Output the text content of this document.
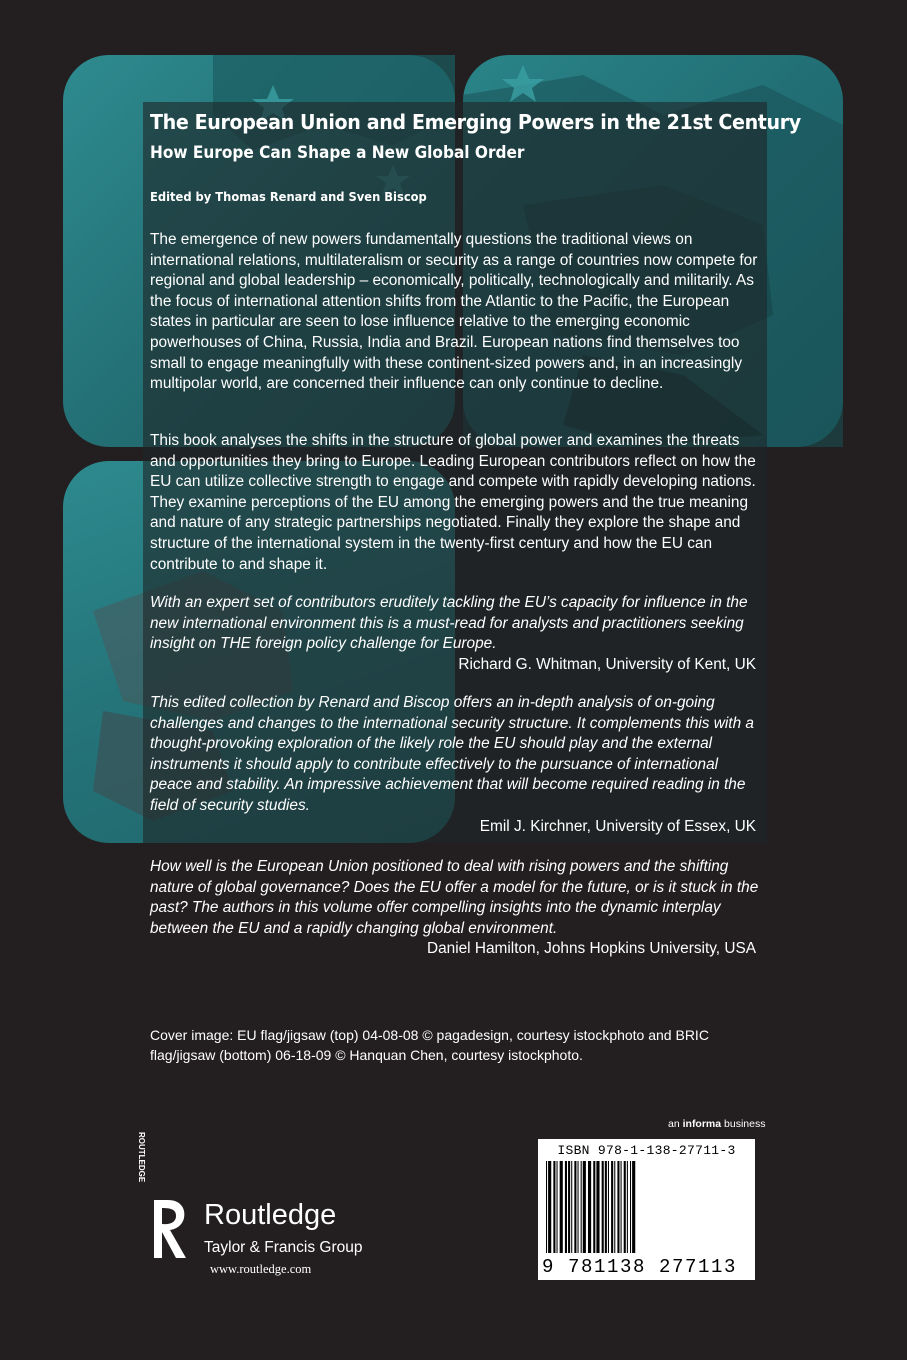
The European Union and Emerging Powers in the 21st Century
How Europe Can Shape a New Global Order
Edited by Thomas Renard and Sven Biscop
The emergence of new powers fundamentally questions the traditional views on international relations, multilateralism or security as a range of countries now compete for regional and global leadership – economically, politically, technologically and militarily. As the focus of international attention shifts from the Atlantic to the Pacific, the European states in particular are seen to lose influence relative to the emerging economic powerhouses of China, Russia, India and Brazil. European nations find themselves too small to engage meaningfully with these continent-sized powers and, in an increasingly multipolar world, are concerned their influence can only continue to decline.
This book analyses the shifts in the structure of global power and examines the threats and opportunities they bring to Europe. Leading European contributors reflect on how the EU can utilize collective strength to engage and compete with rapidly developing nations. They examine perceptions of the EU among the emerging powers and the true meaning and nature of any strategic partnerships negotiated. Finally they explore the shape and structure of the international system in the twenty-first century and how the EU can contribute to and shape it.
With an expert set of contributors eruditely tackling the EU’s capacity for influence in the new international environment this is a must-read for analysts and practitioners seeking insight on THE foreign policy challenge for Europe.
Richard G. Whitman, University of Kent, UK
This edited collection by Renard and Biscop offers an in-depth analysis of on-going challenges and changes to the international security structure. It complements this with a thought-provoking exploration of the likely role the EU should play and the external instruments it should apply to contribute effectively to the pursuance of international peace and stability. An impressive achievement that will become required reading in the field of security studies.
Emil J. Kirchner, University of Essex, UK
How well is the European Union positioned to deal with rising powers and the shifting nature of global governance? Does the EU offer a model for the future, or is it stuck in the past? The authors in this volume offer compelling insights into the dynamic interplay between the EU and a rapidly changing global environment.
Daniel Hamilton, Johns Hopkins University, USA
Cover image: EU flag/jigsaw (top) 04-08-08 © pagadesign, courtesy istockphoto and BRIC flag/jigsaw (bottom) 06-18-09 © Hanquan Chen, courtesy istockphoto.
an informa business
ISBN 978-1-138-27711-3
9 781138 277113
ROUTLEDGE
Routledge
Taylor & Francis Group
www.routledge.com
